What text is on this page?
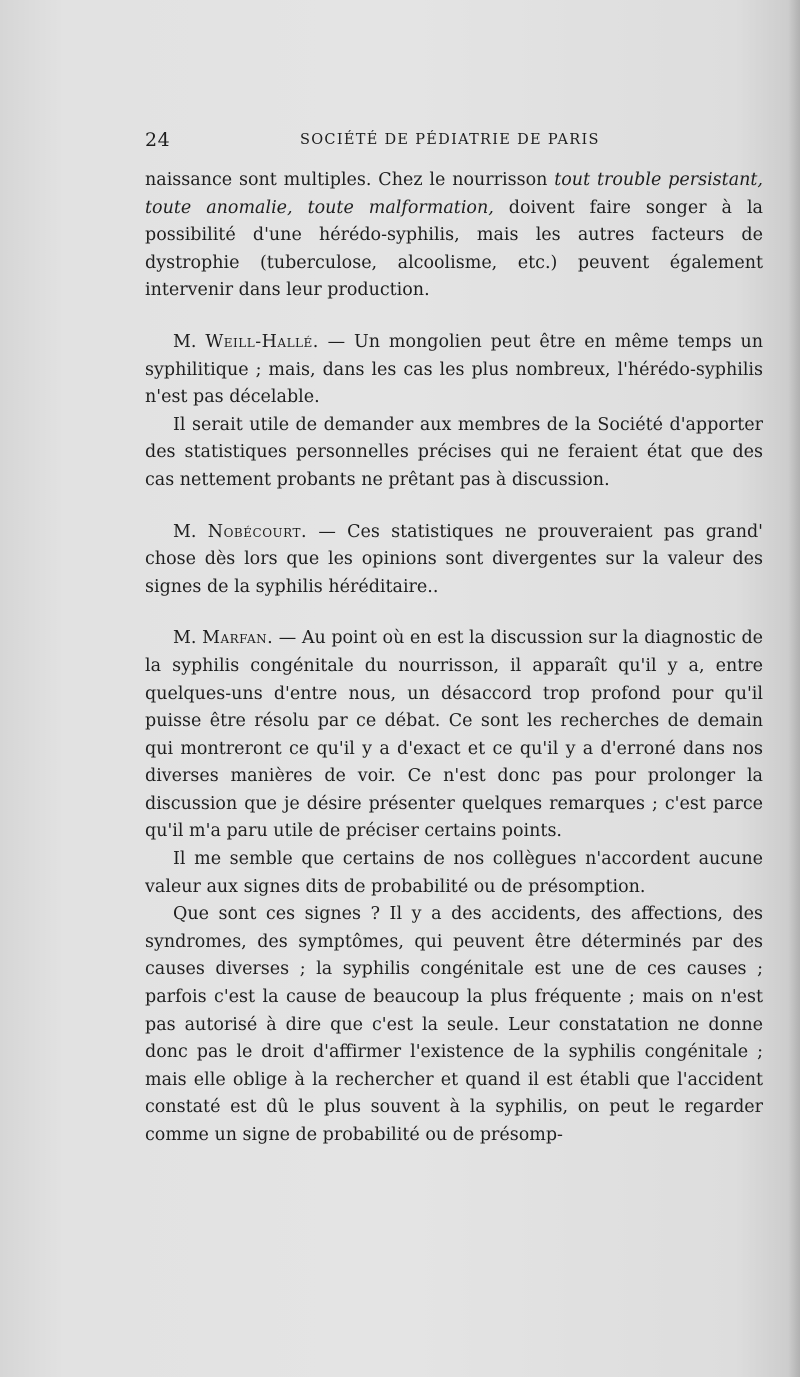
24	SOCIÉTÉ DE PÉDIATRIE DE PARIS

naissance sont multiples. Chez le nourrisson tout trouble persistant, toute anomalie, toute malformation, doivent faire songer à la possibilité d'une hérédo-syphilis, mais les autres facteurs de dystrophie (tuberculose, alcoolisme, etc.) peuvent également intervenir dans leur production.

M. Weill-Hallé. — Un mongolien peut être en même temps un syphilitique ; mais, dans les cas les plus nombreux, l'hérédo-syphilis n'est pas décelable.

Il serait utile de demander aux membres de la Société d'apporter des statistiques personnelles précises qui ne feraient état que des cas nettement probants ne prêtant pas à discussion.

M. Nobécourt. — Ces statistiques ne prouveraient pas grand' chose dès lors que les opinions sont divergentes sur la valeur des signes de la syphilis héréditaire..

M. Marfan. — Au point où en est la discussion sur la diagnostic de la syphilis congénitale du nourrisson, il apparaît qu'il y a, entre quelques-uns d'entre nous, un désaccord trop profond pour qu'il puisse être résolu par ce débat. Ce sont les recherches de demain qui montreront ce qu'il y a d'exact et ce qu'il y a d'erroné dans nos diverses manières de voir. Ce n'est donc pas pour prolonger la discussion que je désire présenter quelques remarques ; c'est parce qu'il m'a paru utile de préciser certains points.

Il me semble que certains de nos collègues n'accordent aucune valeur aux signes dits de probabilité ou de présomption.

Que sont ces signes ? Il y a des accidents, des affections, des syndromes, des symptômes, qui peuvent être déterminés par des causes diverses ; la syphilis congénitale est une de ces causes ; parfois c'est la cause de beaucoup la plus fréquente ; mais on n'est pas autorisé à dire que c'est la seule. Leur constatation ne donne donc pas le droit d'affirmer l'existence de la syphilis congénitale ; mais elle oblige à la rechercher et quand il est établi que l'accident constaté est dû le plus souvent à la syphilis, on peut le regarder comme un signe de probabilité ou de présomp-
